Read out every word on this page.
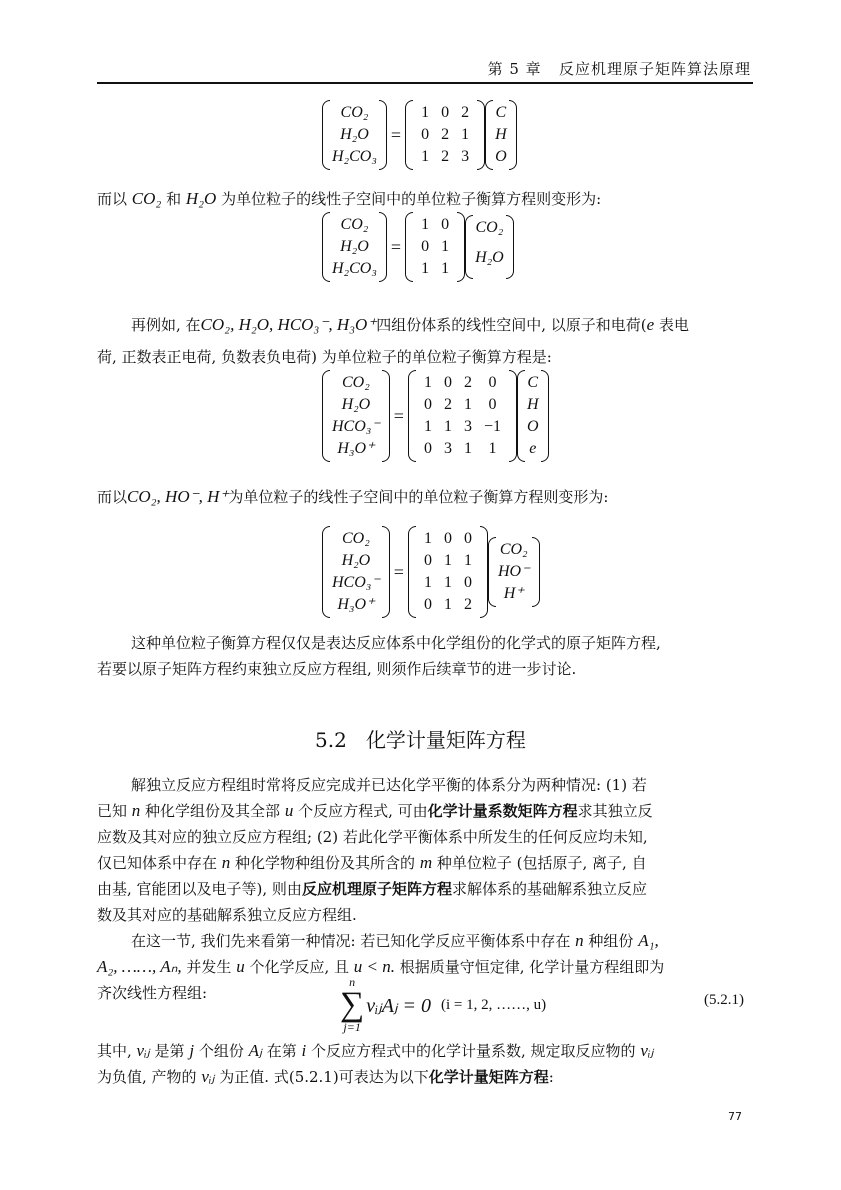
第 5 章 反应机理原子矩阵算法原理
CO₂
H₂O
H₂CO₃
=
1 0 2
0 2 1
1 2 3
C
H
O
而以 CO₂ 和 H₂O 为单位粒子的线性子空间中的单位粒子衡算方程则变形为:
CO₂
H₂O
H₂CO₃
=
1 0
0 1
1 1
CO₂
H₂O
再例如, 在CO₂, H₂O, HCO₃⁻, H₃O⁺四组份体系的线性空间中, 以原子和电荷(e 表电
荷, 正数表正电荷, 负数表负电荷) 为单位粒子的单位粒子衡算方程是:
CO₂
H₂O
HCO₃⁻
H₃O⁺
=
1 0 2	0
0 2 1	0
1 1 3 −1
0 3 1	1
C
H
O
e
而以CO₂, HO⁻, H⁺为单位粒子的线性子空间中的单位粒子衡算方程则变形为:
CO₂
H₂O
HCO₃⁻
H₃O⁺
=
1 0 0
0 1 1
1 1 0
0 1 2
CO₂
HO⁻
H⁺
这种单位粒子衡算方程仅仅是表达反应体系中化学组份的化学式的原子矩阵方程,
若要以原子矩阵方程约束独立反应方程组, 则须作后续章节的进一步讨论.
5.2 化学计量矩阵方程
解独立反应方程组时常将反应完成并已达化学平衡的体系分为两种情况: (1) 若
已知 n 种化学组份及其全部 u 个反应方程式, 可由化学计量系数矩阵方程求其独立反
应数及其对应的独立反应方程组; (2) 若此化学平衡体系中所发生的任何反应均未知,
仅已知体系中存在 n 种化学物种组份及其所含的 m 种单位粒子 (包括原子, 离子, 自
由基, 官能团以及电子等), 则由反应机理原子矩阵方程求解体系的基础解系独立反应
数及其对应的基础解系独立反应方程组.
在这一节, 我们先来看第一种情况: 若已知化学反应平衡体系中存在 n 种组份 A₁,
A₂, ……, Aₙ, 并发生 u 个化学反应, 且 u < n. 根据质量守恒定律, 化学计量方程组即为
齐次线性方程组:
n
∑
j=1
vᵢⱼAⱼ = 0 (i = 1, 2, ……, u)	(5.2.1)
其中, vᵢⱼ 是第 j 个组份 Aⱼ 在第 i 个反应方程式中的化学计量系数, 规定取反应物的 vᵢⱼ
为负值, 产物的 vᵢⱼ 为正值. 式(5.2.1)可表达为以下化学计量矩阵方程:
77
